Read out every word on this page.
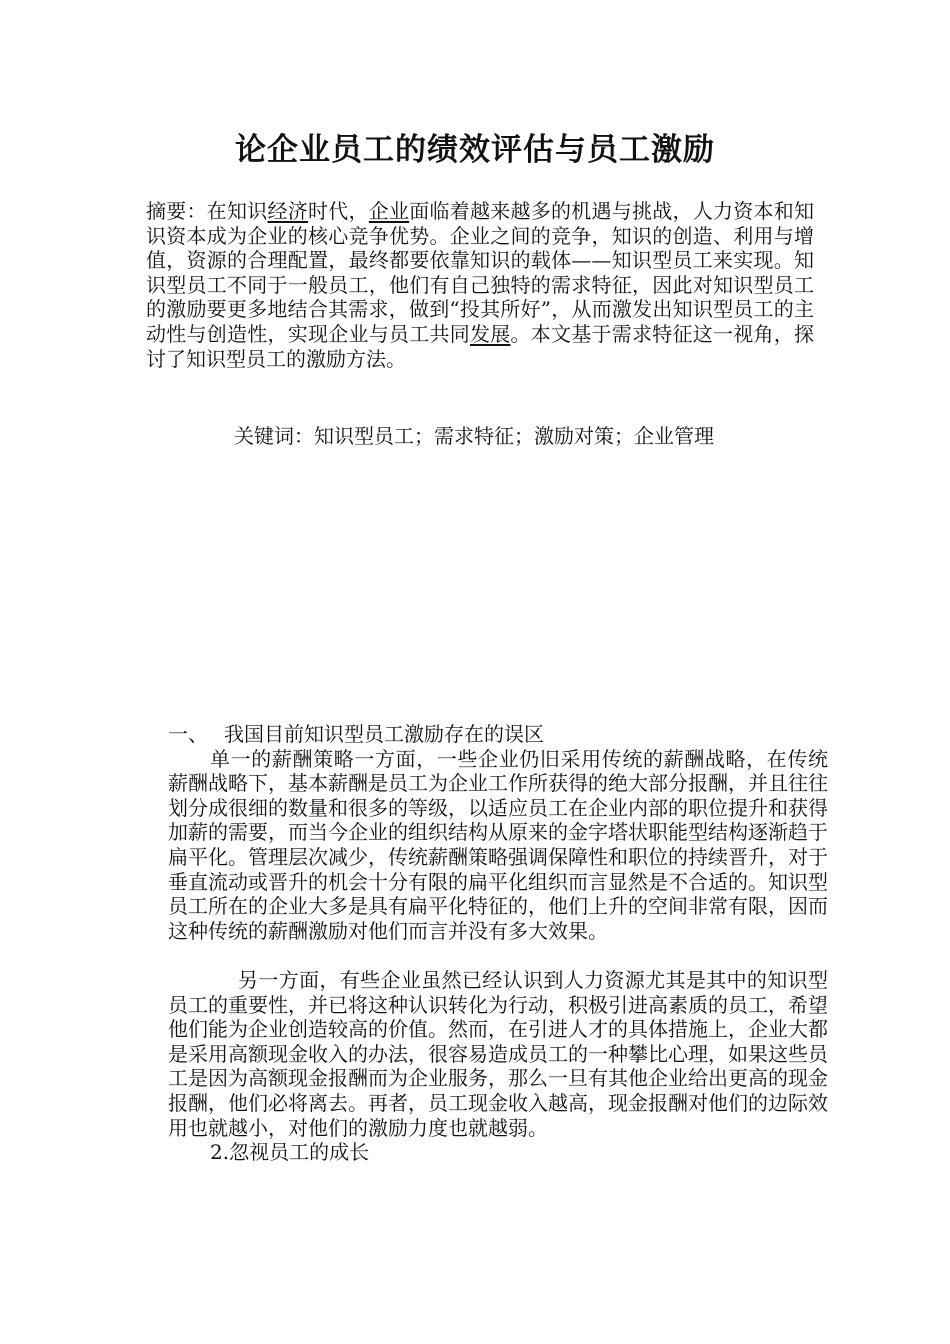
论企业员工的绩效评估与员工激励

摘要：在知识经济时代，企业面临着越来越多的机遇与挑战，人力资本和知识资本成为企业的核心竞争优势。企业之间的竞争，知识的创造、利用与增值，资源的合理配置，最终都要依靠知识的载体——知识型员工来实现。知识型员工不同于一般员工，他们有自己独特的需求特征，因此对知识型员工的激励要更多地结合其需求，做到“投其所好”，从而激发出知识型员工的主动性与创造性，实现企业与员工共同发展。本文基于需求特征这一视角，探讨了知识型员工的激励方法。

关键词：知识型员工；需求特征；激励对策；企业管理

一、 我国目前知识型员工激励存在的误区

单一的薪酬策略一方面，一些企业仍旧采用传统的薪酬战略，在传统薪酬战略下，基本薪酬是员工为企业工作所获得的绝大部分报酬，并且往往划分成很细的数量和很多的等级，以适应员工在企业内部的职位提升和获得加薪的需要，而当今企业的组织结构从原来的金字塔状职能型结构逐渐趋于扁平化。管理层次减少，传统薪酬策略强调保障性和职位的持续晋升，对于垂直流动或晋升的机会十分有限的扁平化组织而言显然是不合适的。知识型员工所在的企业大多是具有扁平化特征的，他们上升的空间非常有限，因而这种传统的薪酬激励对他们而言并没有多大效果。

另一方面，有些企业虽然已经认识到人力资源尤其是其中的知识型员工的重要性，并已将这种认识转化为行动，积极引进高素质的员工，希望他们能为企业创造较高的价值。然而，在引进人才的具体措施上，企业大都是采用高额现金收入的办法，很容易造成员工的一种攀比心理，如果这些员工是因为高额现金报酬而为企业服务，那么一旦有其他企业给出更高的现金报酬，他们必将离去。再者，员工现金收入越高，现金报酬对他们的边际效用也就越小，对他们的激励力度也就越弱。

2.忽视员工的成长
